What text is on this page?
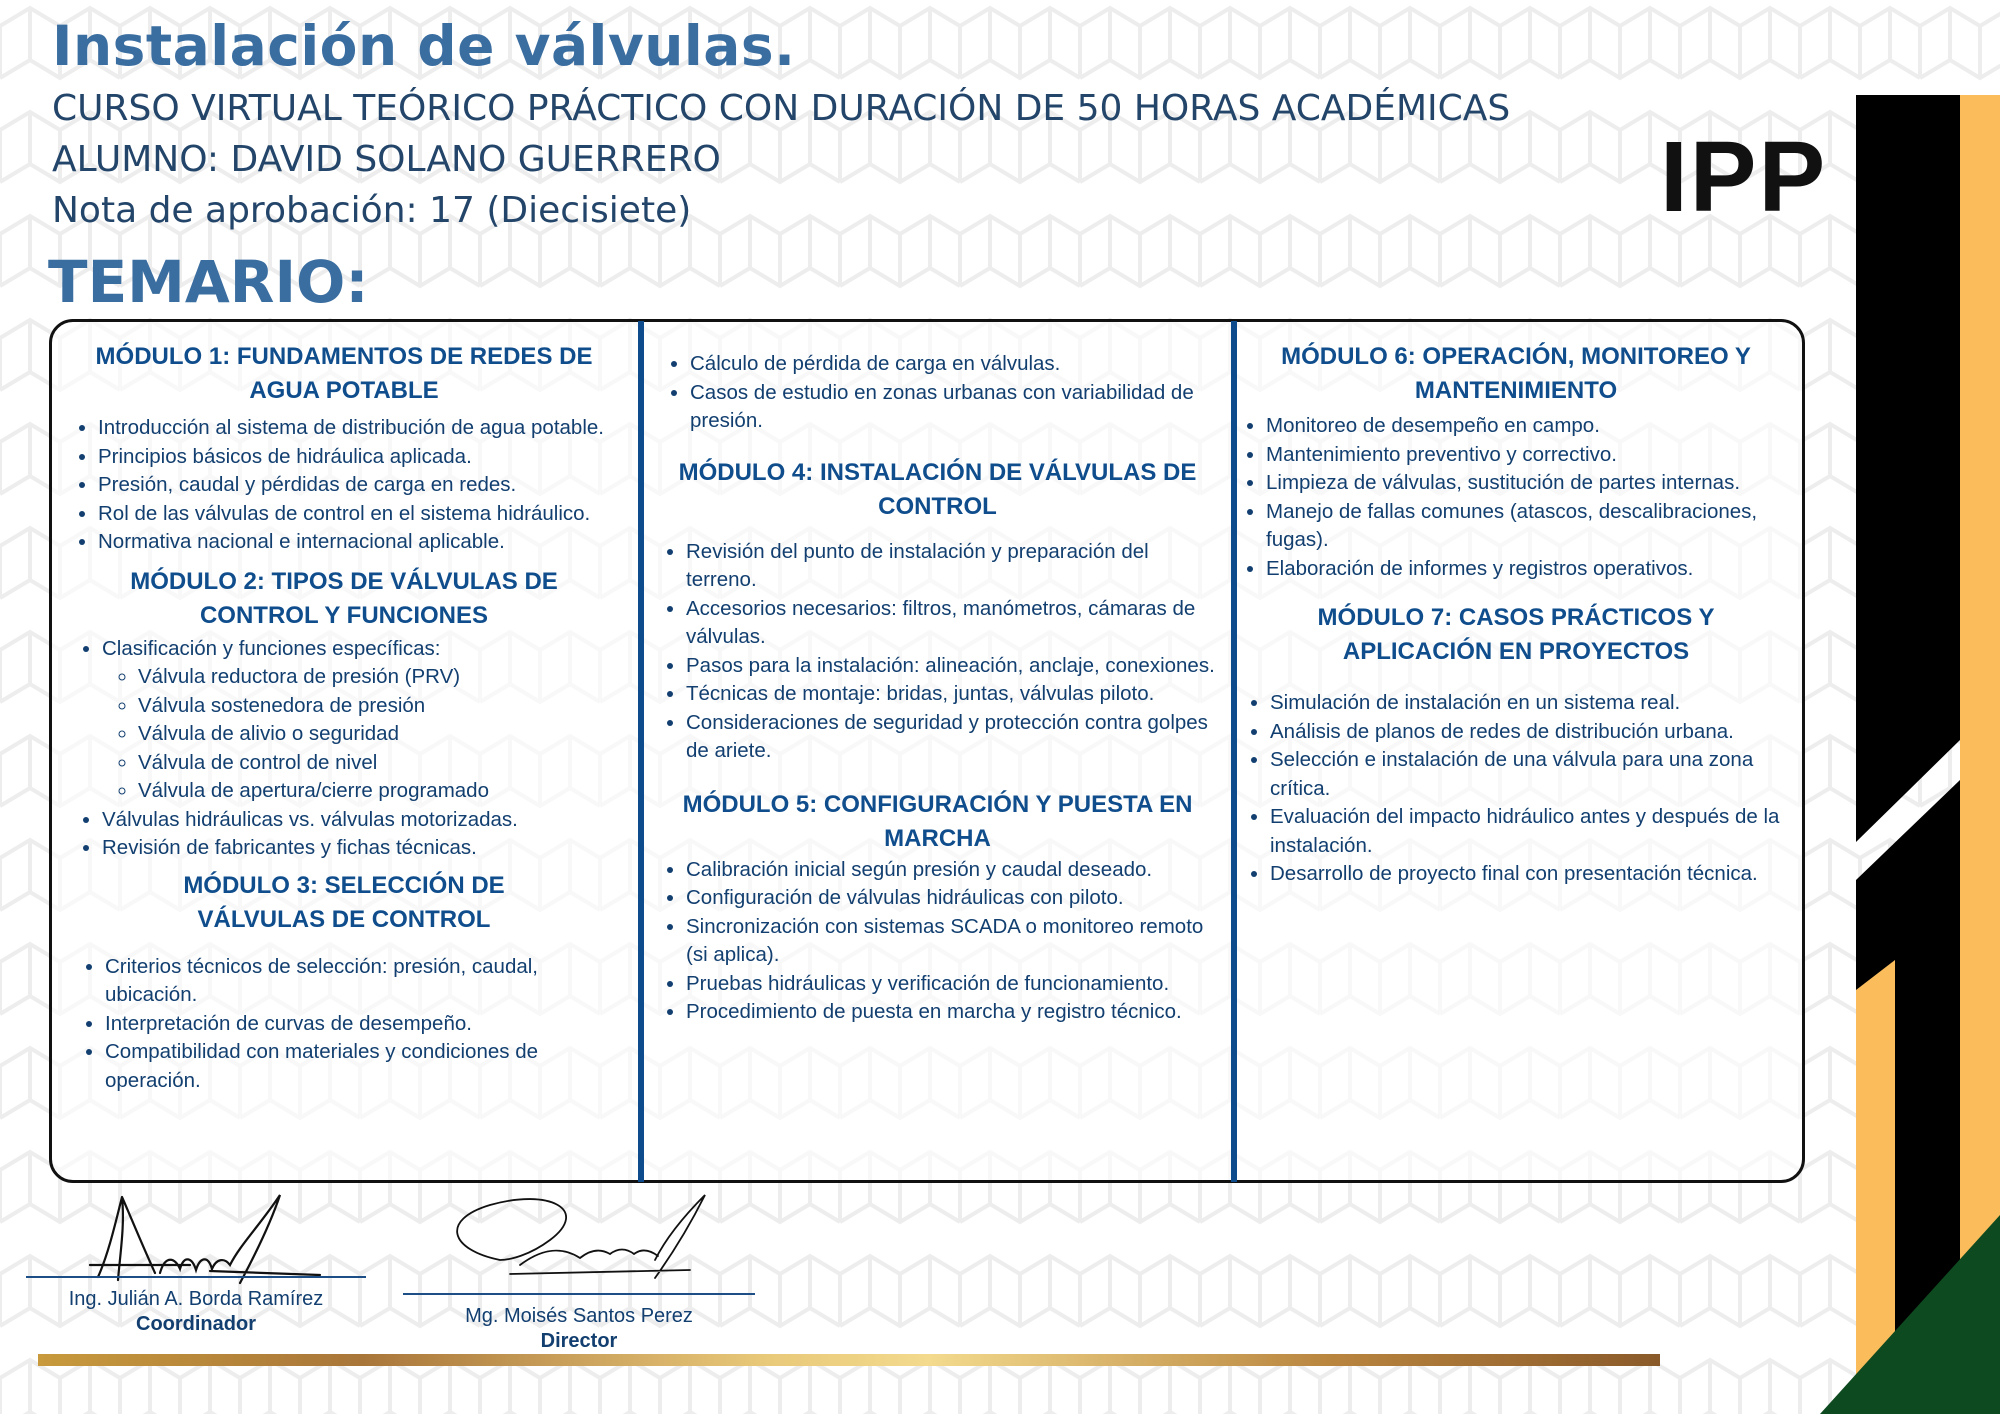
Instalación de válvulas.

CURSO VIRTUAL TEÓRICO PRÁCTICO CON DURACIÓN DE 50 HORAS ACADÉMICAS

ALUMNO: DAVID SOLANO GUERRERO

Nota de aprobación: 17 (Diecisiete)	IPP
TEMARIO:
MÓDULO 1: FUNDAMENTOS DE REDES DE AGUA POTABLE
• Introducción al sistema de distribución de agua potable.
• Principios básicos de hidráulica aplicada.
• Presión, caudal y pérdidas de carga en redes.
• Rol de las válvulas de control en el sistema hidráulico.
• Normativa nacional e internacional aplicable.
MÓDULO 2: TIPOS DE VÁLVULAS DE CONTROL Y FUNCIONES
• Clasificación y funciones específicas:
◦ Válvula reductora de presión (PRV)
◦ Válvula sostenedora de presión
◦ Válvula de alivio o seguridad
◦ Válvula de control de nivel
◦ Válvula de apertura/cierre programado
• Válvulas hidráulicas vs. válvulas motorizadas.
• Revisión de fabricantes y fichas técnicas.
MÓDULO 3: SELECCIÓN DE VÁLVULAS DE CONTROL
• Criterios técnicos de selección: presión, caudal, ubicación.
• Interpretación de curvas de desempeño.
• Compatibilidad con materiales y condiciones de operación.
• Cálculo de pérdida de carga en válvulas.
• Casos de estudio en zonas urbanas con variabilidad de presión.
MÓDULO 4: INSTALACIÓN DE VÁLVULAS DE CONTROL
• Revisión del punto de instalación y preparación del terreno.
• Accesorios necesarios: filtros, manómetros, cámaras de válvulas.
• Pasos para la instalación: alineación, anclaje, conexiones.
• Técnicas de montaje: bridas, juntas, válvulas piloto.
• Consideraciones de seguridad y protección contra golpes de ariete.
MÓDULO 5: CONFIGURACIÓN Y PUESTA EN MARCHA
• Calibración inicial según presión y caudal deseado.
• Configuración de válvulas hidráulicas con piloto.
• Sincronización con sistemas SCADA o monitoreo remoto (si aplica).
• Pruebas hidráulicas y verificación de funcionamiento.
• Procedimiento de puesta en marcha y registro técnico.
MÓDULO 6: OPERACIÓN, MONITOREO Y MANTENIMIENTO
• Monitoreo de desempeño en campo.
• Mantenimiento preventivo y correctivo.
• Limpieza de válvulas, sustitución de partes internas.
• Manejo de fallas comunes (atascos, descalibraciones, fugas).
• Elaboración de informes y registros operativos.
MÓDULO 7: CASOS PRÁCTICOS Y APLICACIÓN EN PROYECTOS
• Simulación de instalación en un sistema real.
• Análisis de planos de redes de distribución urbana.
• Selección e instalación de una válvula para una zona crítica.
• Evaluación del impacto hidráulico antes y después de la instalación.
• Desarrollo de proyecto final con presentación técnica.
Ing. Julián A. Borda Ramírez
Coordinador	Mg. Moisés Santos Perez
Director
